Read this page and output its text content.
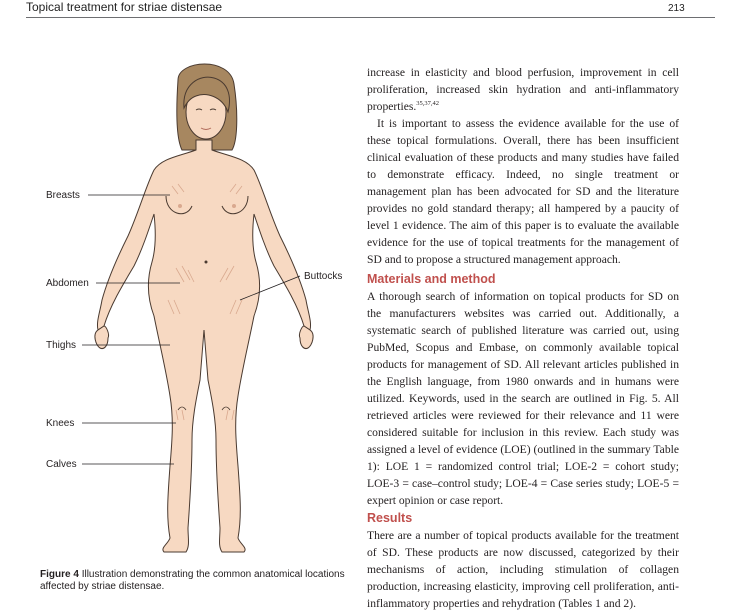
Topical treatment for striae distensae	213
Breasts
Abdomen
Buttocks
Thighs
Knees
Calves
Figure 4 Illustration demonstrating the common anatomical locations affected by striae distensae.

increase in elasticity and blood perfusion, improvement in cell proliferation, increased skin hydration and anti-inflammatory properties.$^{35,37,42}$

It is important to assess the evidence available for the use of these topical formulations. Overall, there has been insufficient clinical evaluation of these products and many studies have failed to demonstrate efficacy. Indeed, no single treatment or management plan has been advocated for SD and the literature provides no gold standard therapy; all hampered by a paucity of level 1 evidence. The aim of this paper is to evaluate the available evidence for the use of topical treatments for the management of SD and to propose a structured management approach.

Materials and method

A thorough search of information on topical products for SD on the manufacturers websites was carried out. Additionally, a systematic search of published literature was carried out, using PubMed, Scopus and Embase, on commonly available topical products for management of SD. All relevant articles published in the English language, from 1980 onwards and in humans were utilized. Keywords, used in the search are outlined in Fig. 5. All retrieved articles were reviewed for their relevance and 11 were considered suitable for inclusion in this review. Each study was assigned a level of evidence (LOE) (outlined in the summary Table 1): LOE 1 = randomized control trial; LOE-2 = cohort study; LOE-3 = case–control study; LOE-4 = Case series study; LOE-5 = expert opinion or case report.

Results

There are a number of topical products available for the treatment of SD. These products are now discussed, categorized by their mechanisms of action, including stimulation of collagen production, increasing elasticity, improving cell proliferation, anti-inflammatory properties and rehydration (Tables 1 and 2).
